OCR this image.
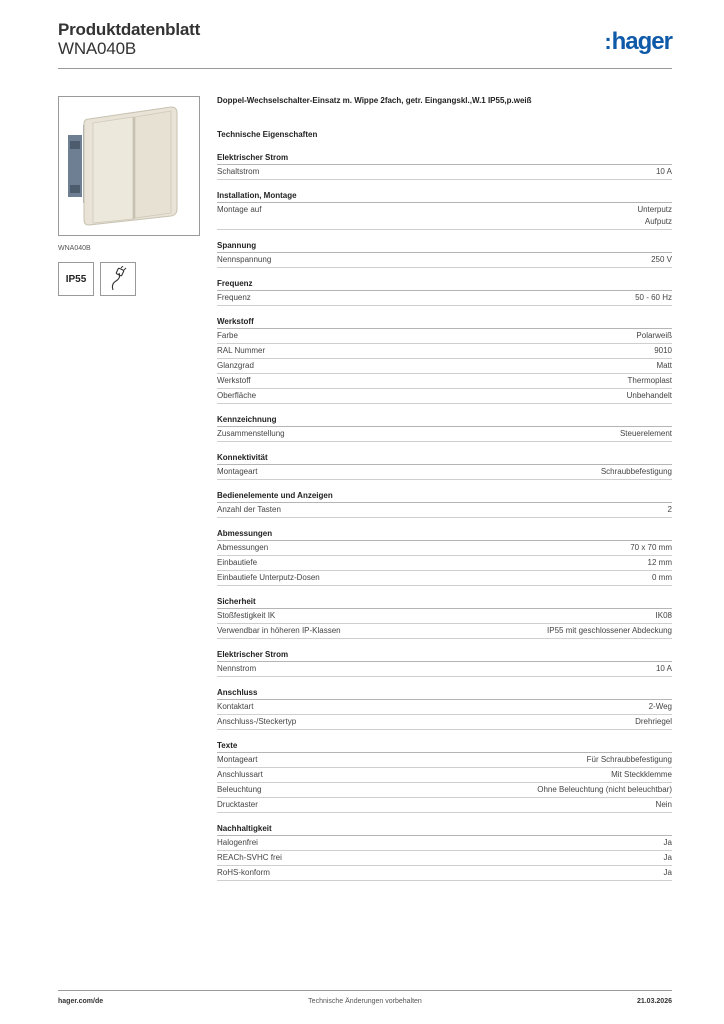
Produktdatenblatt
WNA040B	:hager
WNA040B
IP55
Doppel-Wechselschalter-Einsatz m. Wippe 2fach, getr. Eingangskl.,W.1 IP55,p.weiß
Technische Eigenschaften
Elektrischer Strom
Schaltstrom	10 A
Installation, Montage
Montage auf	Unterputz
Aufputz
Spannung
Nennspannung	250 V
Frequenz
Frequenz	50 - 60 Hz
Werkstoff
Farbe	Polarweiß
RAL Nummer	9010
Glanzgrad	Matt
Werkstoff	Thermoplast
Oberfläche	Unbehandelt
Kennzeichnung
Zusammenstellung	Steuerelement
Konnektivität
Montageart	Schraubbefestigung
Bedienelemente und Anzeigen
Anzahl der Tasten	2
Abmessungen
Abmessungen	70 x 70 mm
Einbautiefe	12 mm
Einbautiefe Unterputz-Dosen	0 mm
Sicherheit
Stoßfestigkeit IK	IK08
Verwendbar in höheren IP-Klassen	IP55 mit geschlossener Abdeckung
Elektrischer Strom
Nennstrom	10 A
Anschluss
Kontaktart	2-Weg
Anschluss-/Steckertyp	Drehriegel
Texte
Montageart	Für Schraubbefestigung
Anschlussart	Mit Steckklemme
Beleuchtung	Ohne Beleuchtung (nicht beleuchtbar)
Drucktaster	Nein
Nachhaltigkeit
Halogenfrei	Ja
REACh-SVHC frei	Ja
RoHS-konform	Ja
hager.com/de	Technische Änderungen vorbehalten	21.03.2026
